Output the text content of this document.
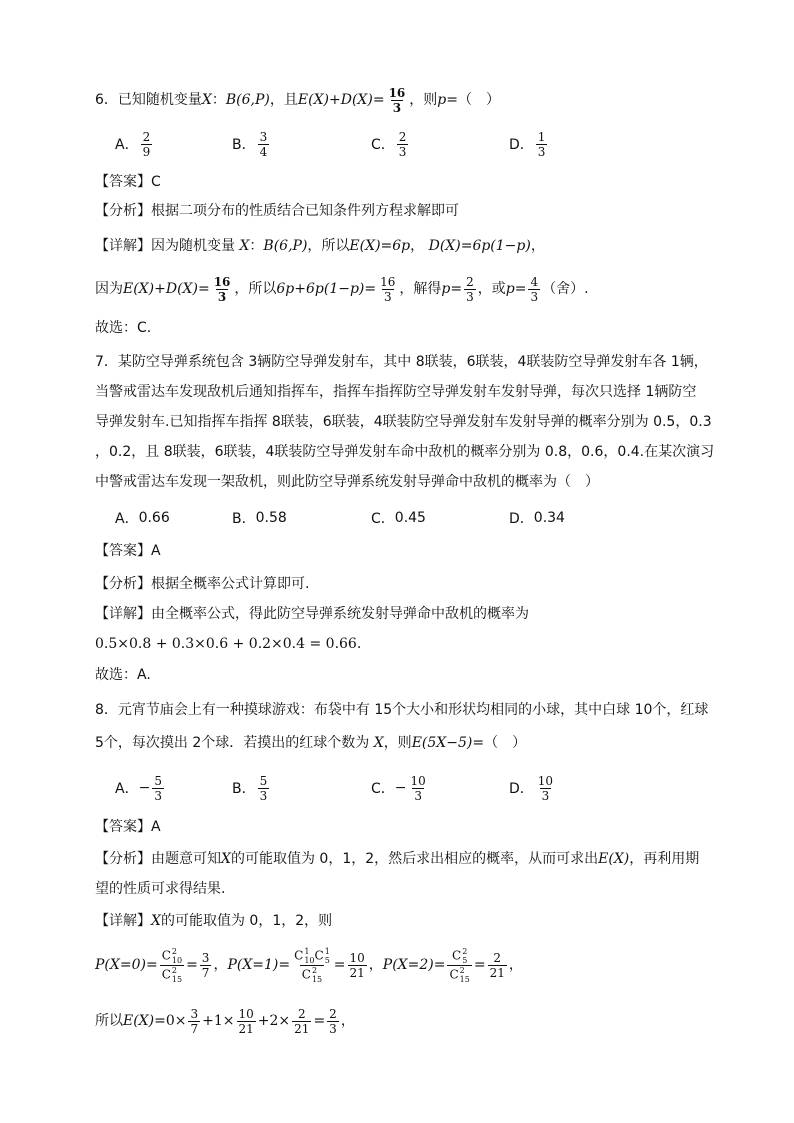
6．已知随机变量 X ： B(6,P) ，且 $E(X)+D(X)= \frac{16}{3}$ ，则 p= （　）
A． $\frac{2}{9}$	B． $\frac{3}{4}$	C． $\frac{2}{3}$	D． $\frac{1}{3}$
【答案】C
【分析】根据二项分布的性质结合已知条件列方程求解即可
【详解】因为随机变量 X：B(6,P)，所以E(X)=6p， D(X)=6p(1−p)，
因为 $E(X)+D(X)= \frac{16}{3}$ ，所以 $6p+6p(1-p)= \frac{16}{3}$ ，解得 $p= \frac{2}{3}$ ，或 $p= \frac{4}{3}$ （舍）.
故选：C.
7．某防空导弹系统包含 3辆防空导弹发射车，其中 8联装，6联装，4联装防空导弹发射车各 1辆，
当警戒雷达车发现敌机后通知指挥车，指挥车指挥防空导弹发射车发射导弹，每次只选择 1辆防空
导弹发射车.已知指挥车指挥 8联装，6联装，4联装防空导弹发射车发射导弹的概率分别为 0.5，0.3
，0.2，且 8联装，6联装，4联装防空导弹发射车命中敌机的概率分别为 0.8，0.6，0.4.在某次演习
中警戒雷达车发现一架敌机，则此防空导弹系统发射导弹命中敌机的概率为（　）
A． 0.66	B． 0.58	C． 0.45	D． 0.34
【答案】A
【分析】根据全概率公式计算即可.
【详解】由全概率公式，得此防空导弹系统发射导弹命中敌机的概率为
0.5×0.8 + 0.3×0.6 + 0.2×0.4 = 0.66.
故选：A.
8．元宵节庙会上有一种摸球游戏：布袋中有 15个大小和形状均相同的小球，其中白球 10个，红球
5个，每次摸出 2个球．若摸出的红球个数为 X，则E(5X−5)=（　）
A． − $\frac{5}{3}$	B． $\frac{5}{3}$	C． − $\frac{10}{3}$	D． $\frac{10}{3}$
【答案】A
【分析】由题意可知X的可能取值为 0，1，2，然后求出相应的概率，从而可求出E(X)，再利用期
望的性质可求得结果.
【详解】X的可能取值为 0，1，2，则
P(X=0)= C 2
10
C 2
$15 = \frac{3}{7}$ ， P(X=1)= C 1
10 C 1
5
C 2
$15 = \frac{10}{21}$ ， P(X=2)= C 2
5
C 2
$15 = \frac{2}{21}$ ，
所以 $E(X)= 0\times \frac{3}{7} +1\times \frac{10}{21} +2\times \frac{2}{21} = \frac{2}{3}$ ，
